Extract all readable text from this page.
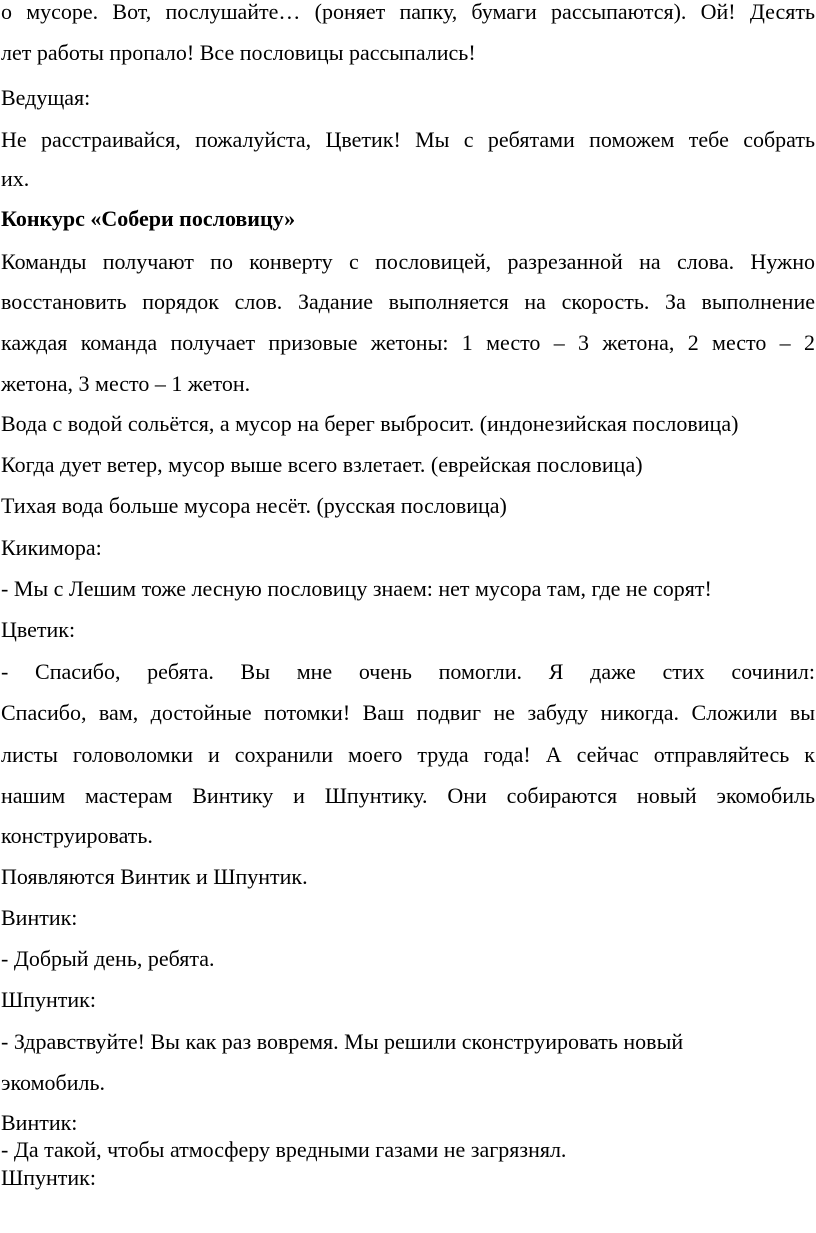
о мусоре. Вот, послушайте… (роняет папку, бумаги рассыпаются). Ой! Десять

лет работы пропало! Все пословицы рассыпались!

Ведущая:

Не расстраивайся, пожалуйста, Цветик! Мы с ребятами поможем тебе собрать

их.

Конкурс «Собери пословицу»

Команды получают по конверту с пословицей, разрезанной на слова. Нужно

восстановить порядок слов. Задание выполняется на скорость. За выполнение

каждая команда получает призовые жетоны: 1 место – 3 жетона, 2 место – 2

жетона, 3 место – 1 жетон.

Вода с водой сольётся, а мусор на берег выбросит. (индонезийская пословица)

Когда дует ветер, мусор выше всего взлетает. (еврейская пословица)

Тихая вода больше мусора несёт. (русская пословица)

Кикимора:

- Мы с Лешим тоже лесную пословицу знаем: нет мусора там, где не сорят!

Цветик:

- Спасибо, ребята. Вы мне очень помогли. Я даже стих сочинил:

Спасибо, вам, достойные потомки! Ваш подвиг не забуду никогда. Сложили вы

листы головоломки и сохранили моего труда года! А сейчас отправляйтесь к

нашим мастерам Винтику и Шпунтику. Они собираются новый экомобиль

конструировать.

Появляются Винтик и Шпунтик.

Винтик:

- Добрый день, ребята.

Шпунтик:

- Здравствуйте! Вы как раз вовремя. Мы решили сконструировать новый

экомобиль.

Винтик:

- Да такой, чтобы атмосферу вредными газами не загрязнял.

Шпунтик:
